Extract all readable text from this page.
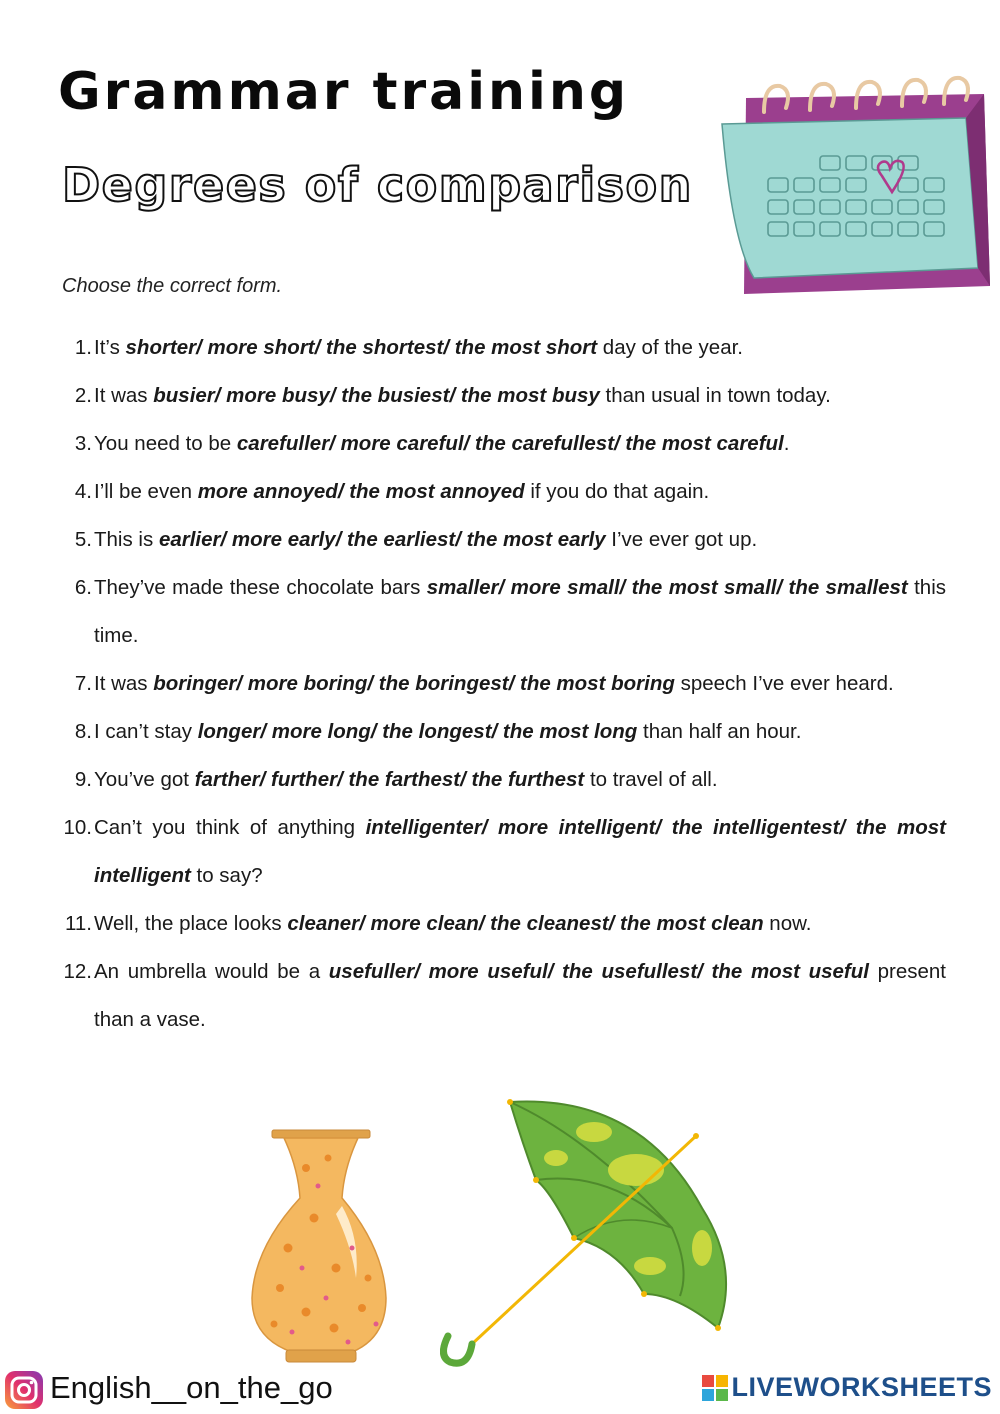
Grammar training
Degrees of comparison
Choose the correct form.
1. It’s shorter/ more short/ the shortest/ the most short day of the year.
2. It was busier/ more busy/ the busiest/ the most busy than usual in town today.
3. You need to be carefuller/ more careful/ the carefullest/ the most careful.
4. I’ll be even more annoyed/ the most annoyed if you do that again.
5. This is earlier/ more early/ the earliest/ the most early I’ve ever got up.
6. They’ve made these chocolate bars smaller/ more small/ the most small/ the smallest this time.
7. It was boringer/ more boring/ the boringest/ the most boring speech I’ve ever heard.
8. I can’t stay longer/ more long/ the longest/ the most long than half an hour.
9. You’ve got farther/ further/ the farthest/ the furthest to travel of all.
10. Can’t you think of anything intelligenter/ more intelligent/ the intelligentest/ the most intelligent to say?
11. Well, the place looks cleaner/ more clean/ the cleanest/ the most clean now.
12. An umbrella would be a usefuller/ more useful/ the usefullest/ the most useful present than a vase.
English__on_the_go	LIVEWORKSHEETS
